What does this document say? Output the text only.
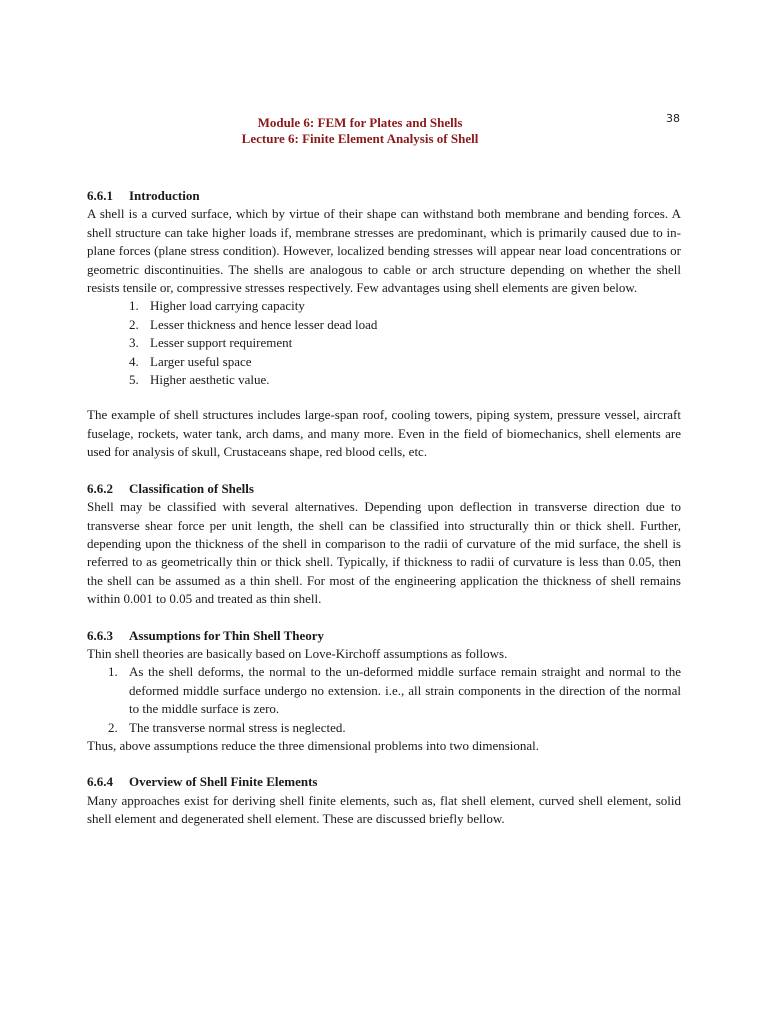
38
Module 6: FEM for Plates and Shells
Lecture 6: Finite Element Analysis of Shell

6.6.1 Introduction

A shell is a curved surface, which by virtue of their shape can withstand both membrane and bending forces. A shell structure can take higher loads if, membrane stresses are predominant, which is primarily caused due to in-plane forces (plane stress condition). However, localized bending stresses will appear near load concentrations or geometric discontinuities. The shells are analogous to cable or arch structure depending on whether the shell resists tensile or, compressive stresses respectively. Few advantages using shell elements are given below.

1. Higher load carrying capacity
2. Lesser thickness and hence lesser dead load
3. Lesser support requirement
4. Larger useful space
5. Higher aesthetic value.

The example of shell structures includes large-span roof, cooling towers, piping system, pressure vessel, aircraft fuselage, rockets, water tank, arch dams, and many more. Even in the field of biomechanics, shell elements are used for analysis of skull, Crustaceans shape, red blood cells, etc.

6.6.2 Classification of Shells

Shell may be classified with several alternatives. Depending upon deflection in transverse direction due to transverse shear force per unit length, the shell can be classified into structurally thin or thick shell. Further, depending upon the thickness of the shell in comparison to the radii of curvature of the mid surface, the shell is referred to as geometrically thin or thick shell. Typically, if thickness to radii of curvature is less than 0.05, then the shell can be assumed as a thin shell. For most of the engineering application the thickness of shell remains within 0.001 to 0.05 and treated as thin shell.

6.6.3 Assumptions for Thin Shell Theory

Thin shell theories are basically based on Love-Kirchoff assumptions as follows.

1. As the shell deforms, the normal to the un-deformed middle surface remain straight and normal to the deformed middle surface undergo no extension. i.e., all strain components in the direction of the normal to the middle surface is zero.
2. The transverse normal stress is neglected.

Thus, above assumptions reduce the three dimensional problems into two dimensional.

6.6.4 Overview of Shell Finite Elements

Many approaches exist for deriving shell finite elements, such as, flat shell element, curved shell element, solid shell element and degenerated shell element. These are discussed briefly bellow.
